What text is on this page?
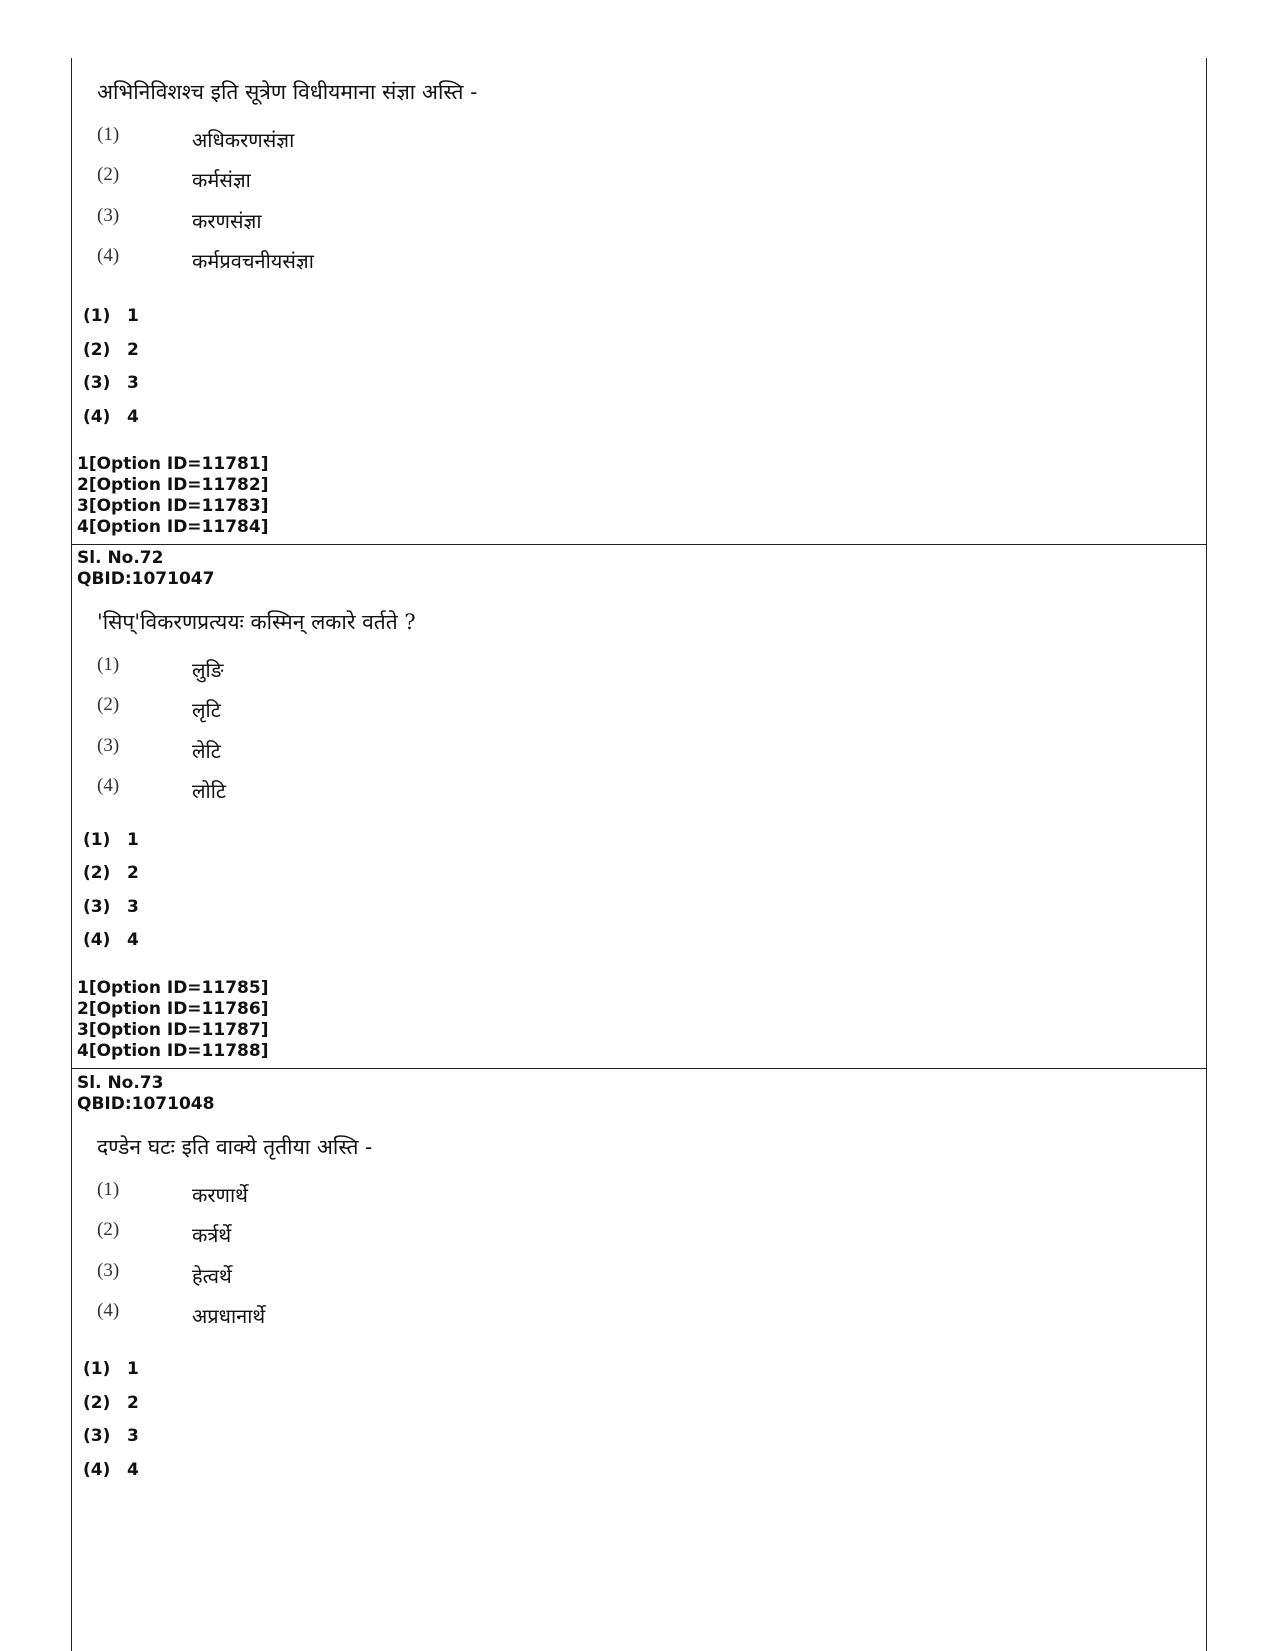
अभिनिविशश्च इति सूत्रेण विधीयमाना संज्ञा अस्ति -
(1)	अधिकरणसंज्ञा
(2)	कर्मसंज्ञा
(3)	करणसंज्ञा
(4)	कर्मप्रवचनीयसंज्ञा
(1) 1
(2) 2
(3) 3
(4) 4
1[Option ID=11781]
2[Option ID=11782]
3[Option ID=11783]
4[Option ID=11784]
Sl. No.72
QBID:1071047
'सिप्'विकरणप्रत्ययः कस्मिन् लकारे वर्तते ?
(1)	लुङि
(2)	लृटि
(3)	लेटि
(4)	लोटि
(1) 1
(2) 2
(3) 3
(4) 4
1[Option ID=11785]
2[Option ID=11786]
3[Option ID=11787]
4[Option ID=11788]
Sl. No.73
QBID:1071048
दण्डेन घटः इति वाक्ये तृतीया अस्ति -
(1)	करणार्थे
(2)	कर्त्रर्थे
(3)	हेत्वर्थे
(4)	अप्रधानार्थे
(1) 1
(2) 2
(3) 3
(4) 4
